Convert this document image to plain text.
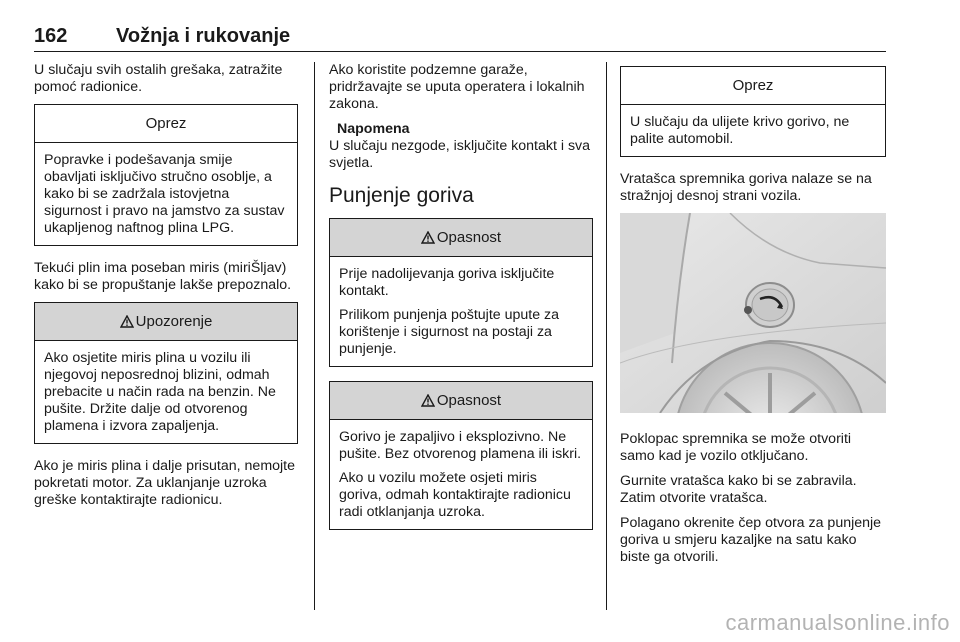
162 Vožnja i rukovanje

U slučaju svih ostalih grešaka, zatražite pomoć radionice.

Oprez

Popravke i podešavanja smije obavljati isključivo stručno osoblje, a kako bi se zadržala istovjetna sigurnost i pravo na jamstvo za sustav ukapljenog naftnog plina LPG.

Tekući plin ima poseban miris (miriŠljav) kako bi se propuštanje lakše prepoznalo.

Upozorenje

Ako osjetite miris plina u vozilu ili njegovoj neposrednoj blizini, odmah prebacite u način rada na benzin. Ne pušite. Držite dalje od otvorenog plamena i izvora zapaljenja.

Ako je miris plina i dalje prisutan, nemojte pokretati motor. Za uklanjanje uzroka greške kontaktirajte radionicu.

Ako koristite podzemne garaže, pridržavajte se uputa operatera i lokalnih zakona.

Napomena
U slučaju nezgode, isključite kontakt i sva svjetla.
Punjenje goriva
Opasnost

Prije nadolijevanja goriva isključite kontakt.

Prilikom punjenja poštujte upute za korištenje i sigurnost na postaji za punjenje.

Opasnost

Gorivo je zapaljivo i eksplozivno. Ne pušite. Bez otvorenog plamena ili iskri.

Ako u vozilu možete osjeti miris goriva, odmah kontaktirajte radionicu radi otklanjanja uzroka.

Oprez

U slučaju da ulijete krivo gorivo, ne palite automobil.

Vratašca spremnika goriva nalaze se na stražnjoj desnoj strani vozila.

Poklopac spremnika se može otvoriti samo kad je vozilo otključano.

Gurnite vratašca kako bi se zabravila. Zatim otvorite vratašca.

Polagano okrenite čep otvora za punjenje goriva u smjeru kazaljke na satu kako biste ga otvorili.

carmanualsonline.info
